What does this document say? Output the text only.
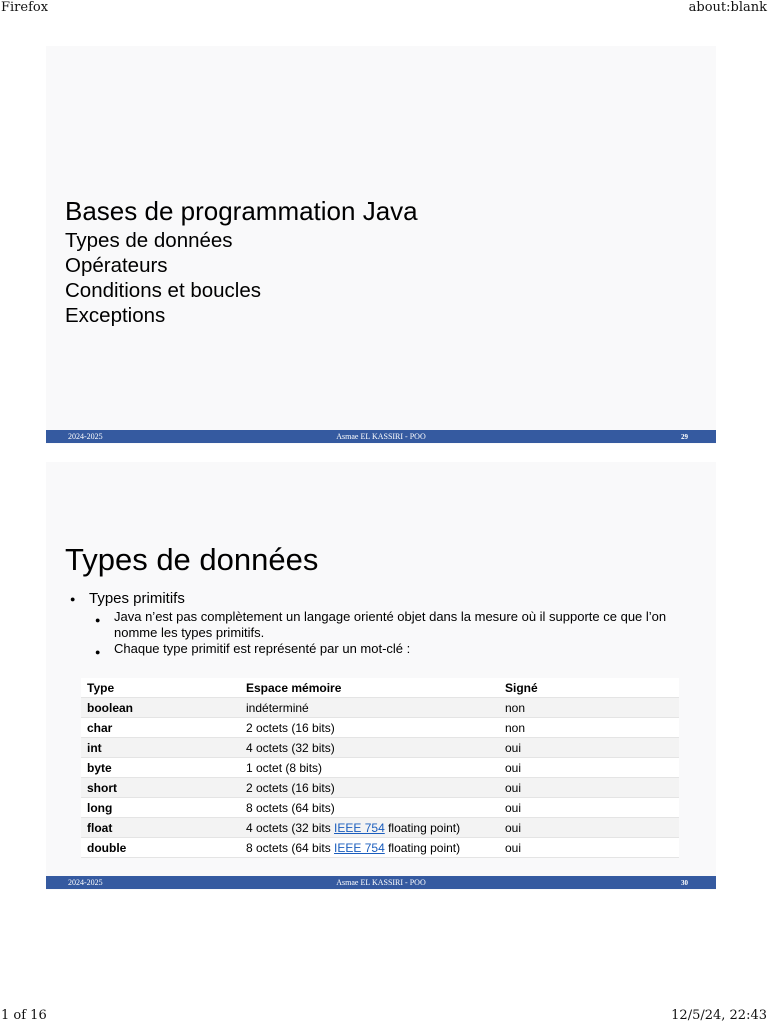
Firefox	about:blank
Bases de programmation Java
Types de données
Opérateurs
Conditions et boucles
Exceptions
2024-2025	Asmae EL KASSIRI - POO	29
Types de données
● Types primitifs
● Java n’est pas complètement un langage orienté objet dans la mesure où il supporte ce que l’on nomme les types primitifs.
● Chaque type primitif est représenté par un mot-clé :
Type	Espace mémoire	Signé
boolean	indéterminé	non
char	2 octets (16 bits)	non
int	4 octets (32 bits)	oui
byte	1 octet (8 bits)	oui
short	2 octets (16 bits)	oui
long	8 octets (64 bits)	oui
float	4 octets (32 bits IEEE 754 floating point)	oui
double	8 octets (64 bits IEEE 754 floating point)	oui
2024-2025	Asmae EL KASSIRI - POO	30
1 of 16	12/5/24, 22:43
